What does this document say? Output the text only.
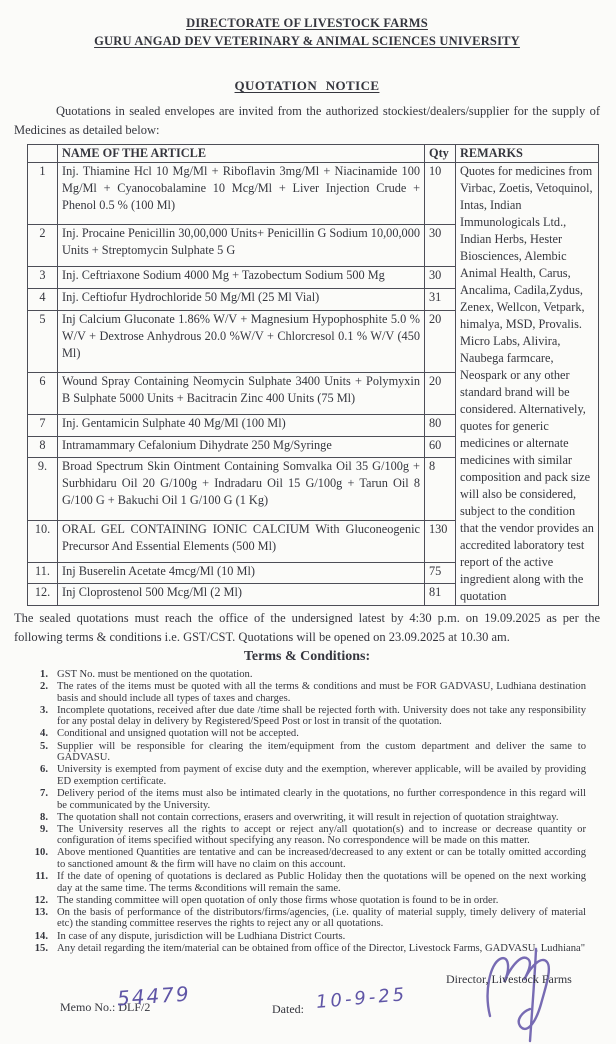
DIRECTORATE OF LIVESTOCK FARMS
GURU ANGAD DEV VETERINARY & ANIMAL SCIENCES UNIVERSITY
QUOTATION NOTICE

Quotations in sealed envelopes are invited from the authorized stockiest/dealers/supplier for the supply of Medicines as detailed below:

	NAME OF THE ARTICLE	Qty	REMARKS
1	Inj. Thiamine Hcl 10 Mg/Ml + Riboflavin 3mg/Ml + Niacinamide 100 Mg/Ml + Cyanocobalamine 10 Mcg/Ml + Liver Injection Crude + Phenol 0.5 % (100 Ml)	10	Quotes for medicines from Virbac, Zoetis, Vetoquinol, Intas, Indian Immunologicals Ltd., Indian Herbs, Hester Biosciences, Alembic Animal Health, Carus, Ancalima, Cadila,Zydus, Zenex, Wellcon, Vetpark, himalya, MSD, Provalis. Micro Labs, Alivira, Naubega farmcare, Neospark or any other standard brand will be considered. Alternatively, quotes for generic medicines or alternate medicines with similar composition and pack size will also be considered, subject to the condition that the vendor provides an accredited laboratory test report of the active ingredient along with the quotation
2	Inj. Procaine Penicillin 30,00,000 Units+ Penicillin G Sodium 10,00,000 Units + Streptomycin Sulphate 5 G	30	
3	Inj. Ceftriaxone Sodium 4000 Mg + Tazobectum Sodium 500 Mg	30	
4	Inj. Ceftiofur Hydrochloride 50 Mg/Ml (25 Ml Vial)	31	
5	Inj Calcium Gluconate 1.86% W/V + Magnesium Hypophosphite 5.0 % W/V + Dextrose Anhydrous 20.0 %W/V + Chlorcresol 0.1 % W/V (450 Ml)	20	
6	Wound Spray Containing Neomycin Sulphate 3400 Units + Polymyxin B Sulphate 5000 Units + Bacitracin Zinc 400 Units (75 Ml)	20	
7	Inj. Gentamicin Sulphate 40 Mg/Ml (100 Ml)	80	
8	Intramammary Cefalonium Dihydrate 250 Mg/Syringe	60	
9.	Broad Spectrum Skin Ointment Containing Somvalka Oil 35 G/100g + Surbhidaru Oil 20 G/100g + Indradaru Oil 15 G/100g + Tarun Oil 8 G/100 G + Bakuchi Oil 1 G/100 G (1 Kg)	8	
10.	ORAL GEL CONTAINING IONIC CALCIUM With Gluconeogenic Precursor And Essential Elements (500 Ml)	130	
11.	Inj Buserelin Acetate 4mcg/Ml (10 Ml)	75	
12.	Inj Cloprostenol 500 Mcg/Ml (2 Ml)	81	

The sealed quotations must reach the office of the undersigned latest by 4:30 p.m. on 19.09.2025 as per the following terms & conditions i.e. GST/CST. Quotations will be opened on 23.09.2025 at 10.30 am.

Terms & Conditions:
1. GST No. must be mentioned on the quotation.
2. The rates of the items must be quoted with all the terms & conditions and must be FOR GADVASU, Ludhiana destination basis and should include all types of taxes and charges.
3. Incomplete quotations, received after due date /time shall be rejected forth with. University does not take any responsibility for any postal delay in delivery by Registered/Speed Post or lost in transit of the quotation.
4. Conditional and unsigned quotation will not be accepted.
5. Supplier will be responsible for clearing the item/equipment from the custom department and deliver the same to GADVASU.
6. University is exempted from payment of excise duty and the exemption, wherever applicable, will be availed by providing ED exemption certificate.
7. Delivery period of the items must also be intimated clearly in the quotations, no further correspondence in this regard will be communicated by the University.
8. The quotation shall not contain corrections, erasers and overwriting, it will result in rejection of quotation straightway.
9. The University reserves all the rights to accept or reject any/all quotation(s) and to increase or decrease quantity or configuration of items specified without specifying any reason. No correspondence will be made on this matter.
10. Above mentioned Quantities are tentative and can be increased/decreased to any extent or can be totally omitted according to sanctioned amount & the firm will have no claim on this account.
11. If the date of opening of quotations is declared as Public Holiday then the quotations will be opened on the next working day at the same time. The terms &conditions will remain the same.
12. The standing committee will open quotation of only those firms whose quotation is found to be in order.
13. On the basis of performance of the distributors/firms/agencies, (i.e. quality of material supply, timely delivery of material etc) the standing committee reserves the rights to reject any or all quotations.
14. In case of any dispute, jurisdiction will be Ludhiana District Courts.
15. Any detail regarding the item/material can be obtained from office of the Director, Livestock Farms, GADVASU, Ludhiana"
Director, Livestock Farms
Memo No.: DLF/2
54479	Dated: 10-9-25
